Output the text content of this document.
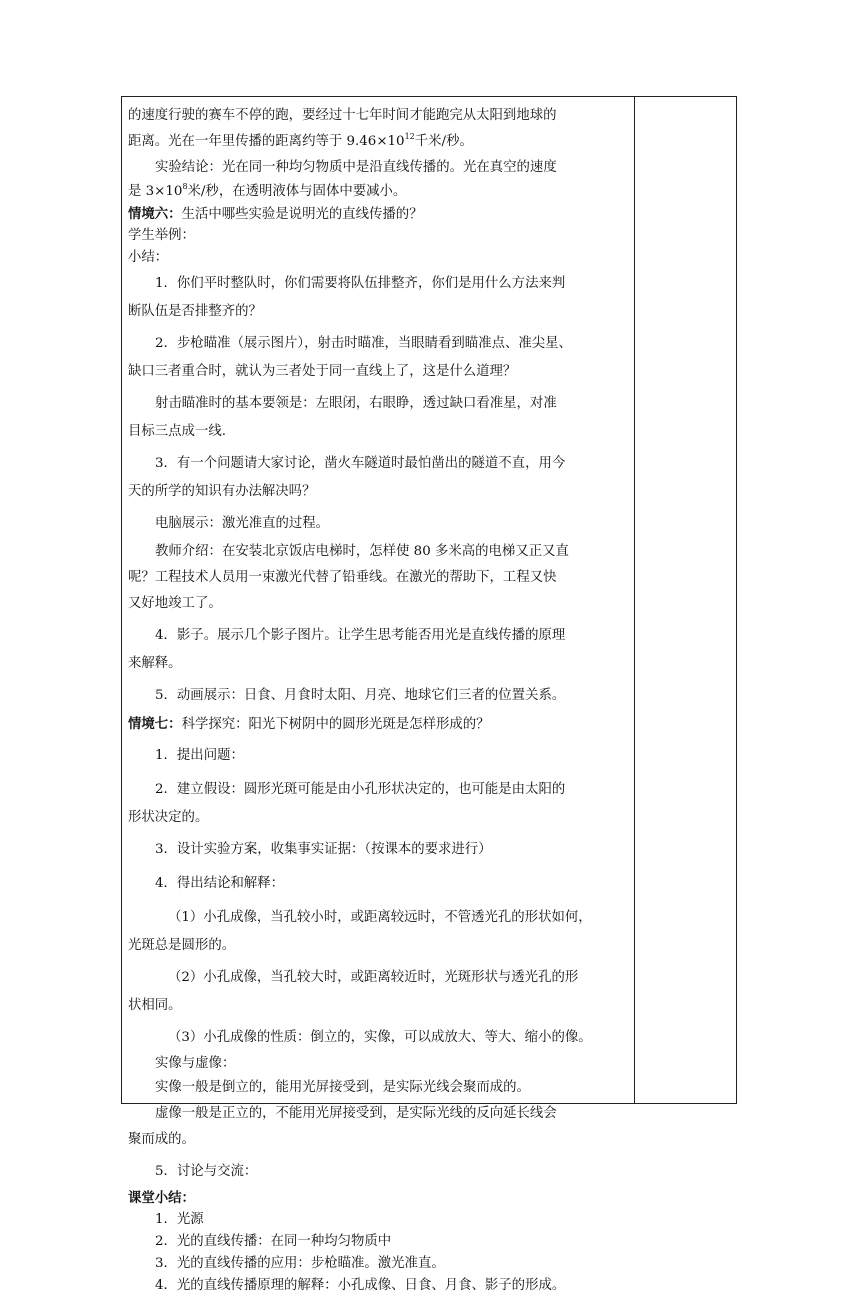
的速度行驶的赛车不停的跑，要经过十七年时间才能跑完从太阳到地球的

距离。光在一年里传播的距离约等于 $9.46\times 10^{12}$千米/秒。

实验结论：光在同一种均匀物质中是沿直线传播的。光在真空的速度

是 $3\times 10^8$米/秒，在透明液体与固体中要减小。

情境六：生活中哪些实验是说明光的直线传播的？

学生举例：

小结：

1．你们平时整队时，你们需要将队伍排整齐，你们是用什么方法来判

断队伍是否排整齐的？

2．步枪瞄准（展示图片），射击时瞄准，当眼睛看到瞄准点、准尖星、

缺口三者重合时，就认为三者处于同一直线上了，这是什么道理？

射击瞄准时的基本要领是：左眼闭，右眼睁，透过缺口看准星，对准

目标三点成一线.

3．有一个问题请大家讨论，凿火车隧道时最怕凿出的隧道不直，用今

天的所学的知识有办法解决吗？

电脑展示：激光准直的过程。

教师介绍：在安装北京饭店电梯时，怎样使 80 多米高的电梯又正又直

呢？工程技术人员用一束激光代替了铅垂线。在激光的帮助下，工程又快

又好地竣工了。

4．影子。展示几个影子图片。让学生思考能否用光是直线传播的原理

来解释。

5．动画展示：日食、月食时太阳、月亮、地球它们三者的位置关系。

情境七：科学探究：阳光下树阴中的圆形光斑是怎样形成的？

1．提出问题：

2．建立假设：圆形光斑可能是由小孔形状决定的，也可能是由太阳的

形状决定的。

3．设计实验方案，收集事实证据：（按课本的要求进行）

4．得出结论和解释：

（1）小孔成像，当孔较小时，或距离较远时，不管透光孔的形状如何，

光斑总是圆形的。

（2）小孔成像，当孔较大时，或距离较近时，光斑形状与透光孔的形

状相同。

（3）小孔成像的性质：倒立的，实像，可以成放大、等大、缩小的像。

实像与虚像：

实像一般是倒立的，能用光屏接受到，是实际光线会聚而成的。

虚像一般是正立的，不能用光屏接受到，是实际光线的反向延长线会

聚而成的。

5．讨论与交流：

课堂小结：

1．光源

2．光的直线传播：在同一种均匀物质中

3．光的直线传播的应用：步枪瞄准。激光准直。

4．光的直线传播原理的解释：小孔成像、日食、月食、影子的形成。
